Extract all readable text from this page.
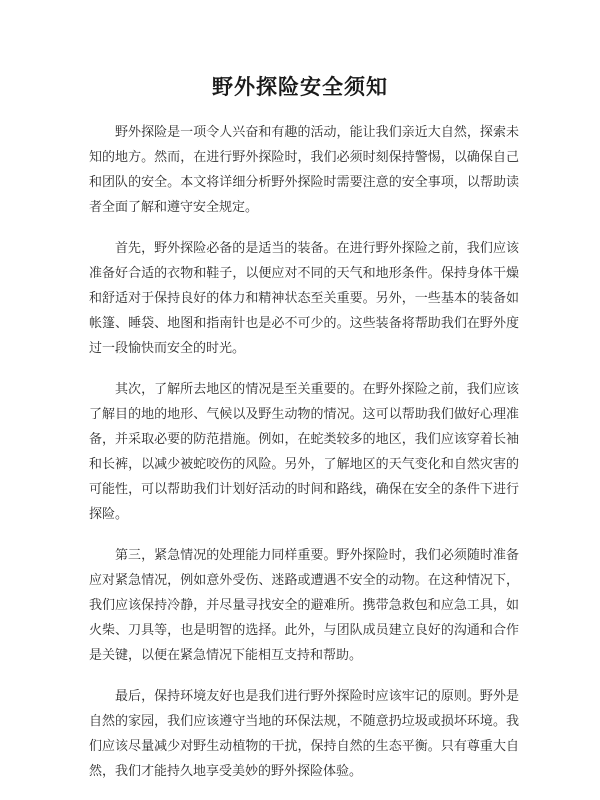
野外探险安全须知

野外探险是一项令人兴奋和有趣的活动，能让我们亲近大自然，探索未知的地方。然而，在进行野外探险时，我们必须时刻保持警惕，以确保自己和团队的安全。本文将详细分析野外探险时需要注意的安全事项，以帮助读者全面了解和遵守安全规定。

首先，野外探险必备的是适当的装备。在进行野外探险之前，我们应该准备好合适的衣物和鞋子，以便应对不同的天气和地形条件。保持身体干燥和舒适对于保持良好的体力和精神状态至关重要。另外，一些基本的装备如帐篷、睡袋、地图和指南针也是必不可少的。这些装备将帮助我们在野外度过一段愉快而安全的时光。

其次，了解所去地区的情况是至关重要的。在野外探险之前，我们应该了解目的地的地形、气候以及野生动物的情况。这可以帮助我们做好心理准备，并采取必要的防范措施。例如，在蛇类较多的地区，我们应该穿着长袖和长裤，以减少被蛇咬伤的风险。另外，了解地区的天气变化和自然灾害的可能性，可以帮助我们计划好活动的时间和路线，确保在安全的条件下进行探险。

第三，紧急情况的处理能力同样重要。野外探险时，我们必须随时准备应对紧急情况，例如意外受伤、迷路或遭遇不安全的动物。在这种情况下，我们应该保持冷静，并尽量寻找安全的避难所。携带急救包和应急工具，如火柴、刀具等，也是明智的选择。此外，与团队成员建立良好的沟通和合作是关键，以便在紧急情况下能相互支持和帮助。

最后，保持环境友好也是我们进行野外探险时应该牢记的原则。野外是自然的家园，我们应该遵守当地的环保法规，不随意扔垃圾或损坏环境。我们应该尽量减少对野生动植物的干扰，保持自然的生态平衡。只有尊重大自然，我们才能持久地享受美妙的野外探险体验。
